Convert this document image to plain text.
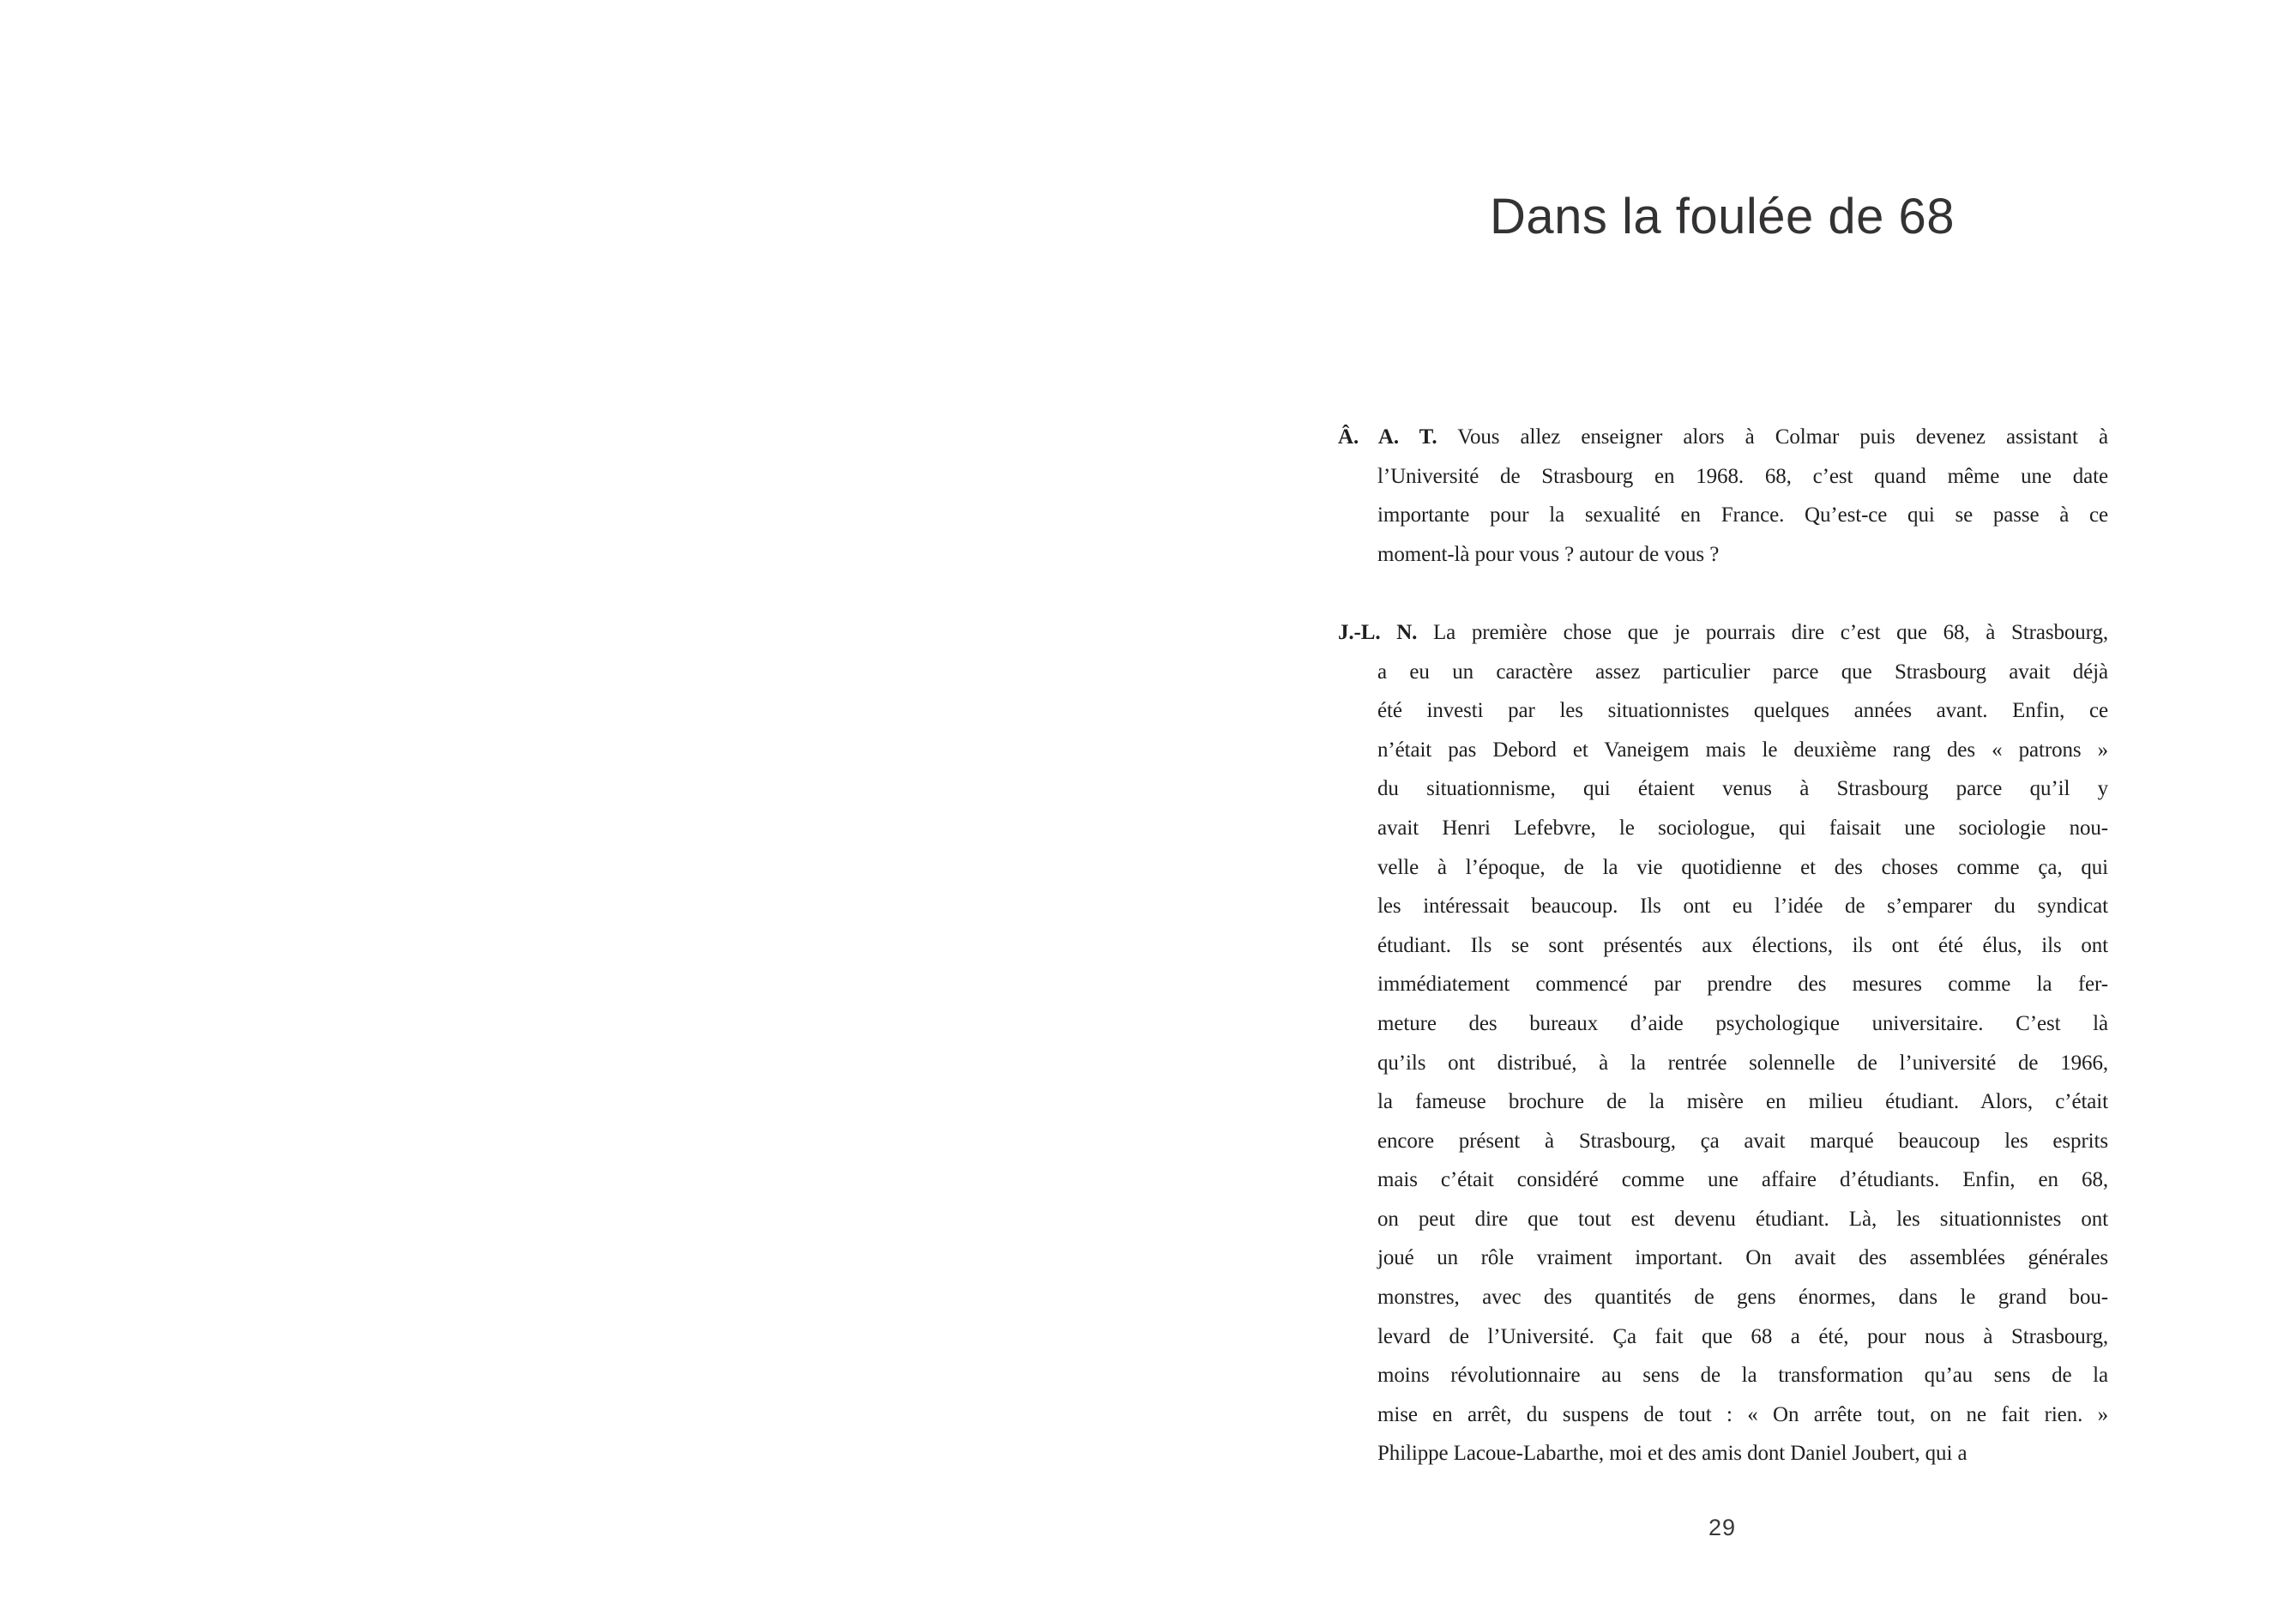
Dans la foulée de 68
Â. A. T. Vous allez enseigner alors à Colmar puis devenez assistant à
l’Université de Strasbourg en 1968. 68, c’est quand même une date
importante pour la sexualité en France. Qu’est-ce qui se passe à ce
moment-là pour vous ? autour de vous ?
J.-L. N. La première chose que je pourrais dire c’est que 68, à Strasbourg,
a eu un caractère assez particulier parce que Strasbourg avait déjà
été investi par les situationnistes quelques années avant. Enfin, ce
n’était pas Debord et Vaneigem mais le deuxième rang des « patrons »
du situationnisme, qui étaient venus à Strasbourg parce qu’il y
avait Henri Lefebvre, le sociologue, qui faisait une sociologie nou-
velle à l’époque, de la vie quotidienne et des choses comme ça, qui
les intéressait beaucoup. Ils ont eu l’idée de s’emparer du syndicat
étudiant. Ils se sont présentés aux élections, ils ont été élus, ils ont
immédiatement commencé par prendre des mesures comme la fer-
meture des bureaux d’aide psychologique universitaire. C’est là
qu’ils ont distribué, à la rentrée solennelle de l’université de 1966,
la fameuse brochure de la misère en milieu étudiant. Alors, c’était
encore présent à Strasbourg, ça avait marqué beaucoup les esprits
mais c’était considéré comme une affaire d’étudiants. Enfin, en 68,
on peut dire que tout est devenu étudiant. Là, les situationnistes ont
joué un rôle vraiment important. On avait des assemblées générales
monstres, avec des quantités de gens énormes, dans le grand bou-
levard de l’Université. Ça fait que 68 a été, pour nous à Strasbourg,
moins révolutionnaire au sens de la transformation qu’au sens de la
mise en arrêt, du suspens de tout : « On arrête tout, on ne fait rien. »
Philippe Lacoue-Labarthe, moi et des amis dont Daniel Joubert, qui a
29
